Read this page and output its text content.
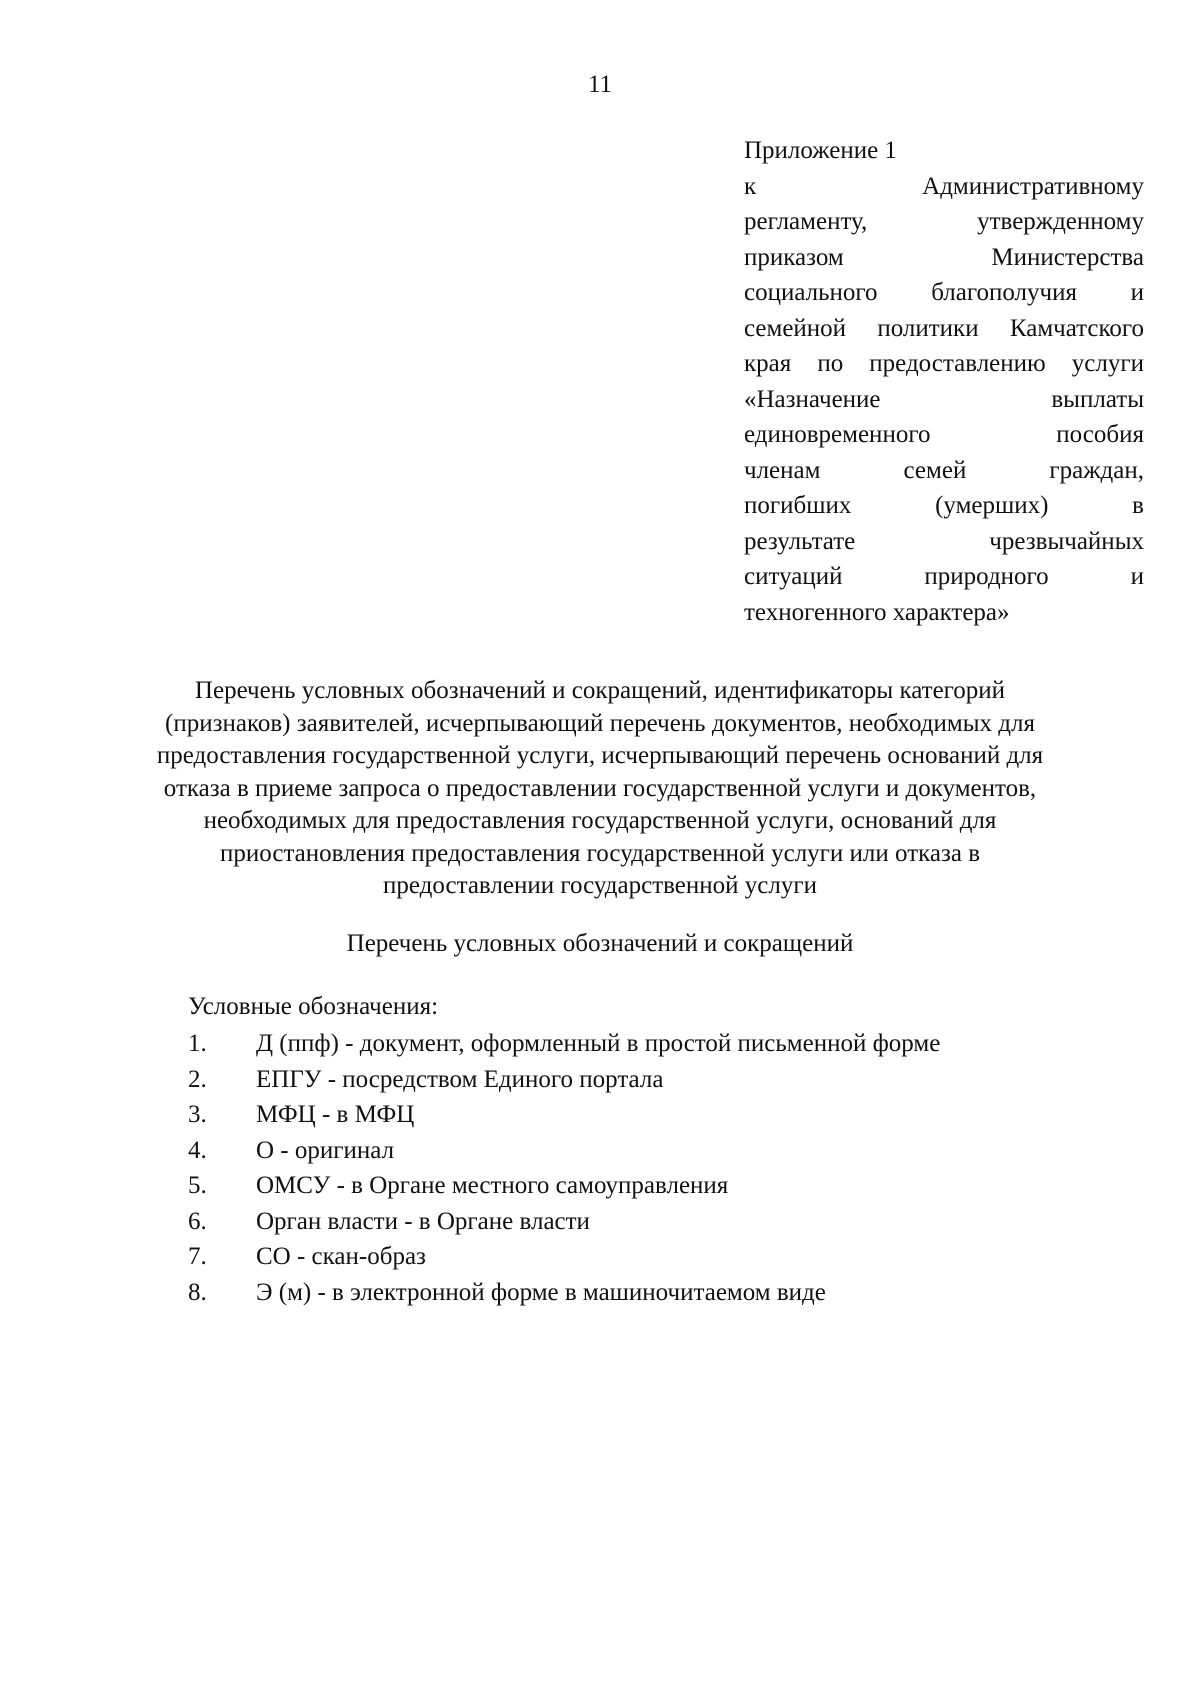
11
Приложение 1
к Административному
регламенту, утвержденному
приказом Министерства
социального благополучия и
семейной политики Камчатского
края по предоставлению услуги
«Назначение выплаты
единовременного пособия
членам семей граждан,
погибших (умерших) в
результате чрезвычайных
ситуаций природного и
техногенного характера»
Перечень условных обозначений и сокращений, идентификаторы категорий
(признаков) заявителей, исчерпывающий перечень документов, необходимых для
предоставления государственной услуги, исчерпывающий перечень оснований для
отказа в приеме запроса о предоставлении государственной услуги и документов,
необходимых для предоставления государственной услуги, оснований для
приостановления предоставления государственной услуги или отказа в
предоставлении государственной услуги
Перечень условных обозначений и сокращений
Условные обозначения:
1. Д (ппф) - документ, оформленный в простой письменной форме
2. ЕПГУ - посредством Единого портала
3. МФЦ - в МФЦ
4. О - оригинал
5. ОМСУ - в Органе местного самоуправления
6. Орган власти - в Органе власти
7. СО - скан-образ
8. Э (м) - в электронной форме в машиночитаемом виде
